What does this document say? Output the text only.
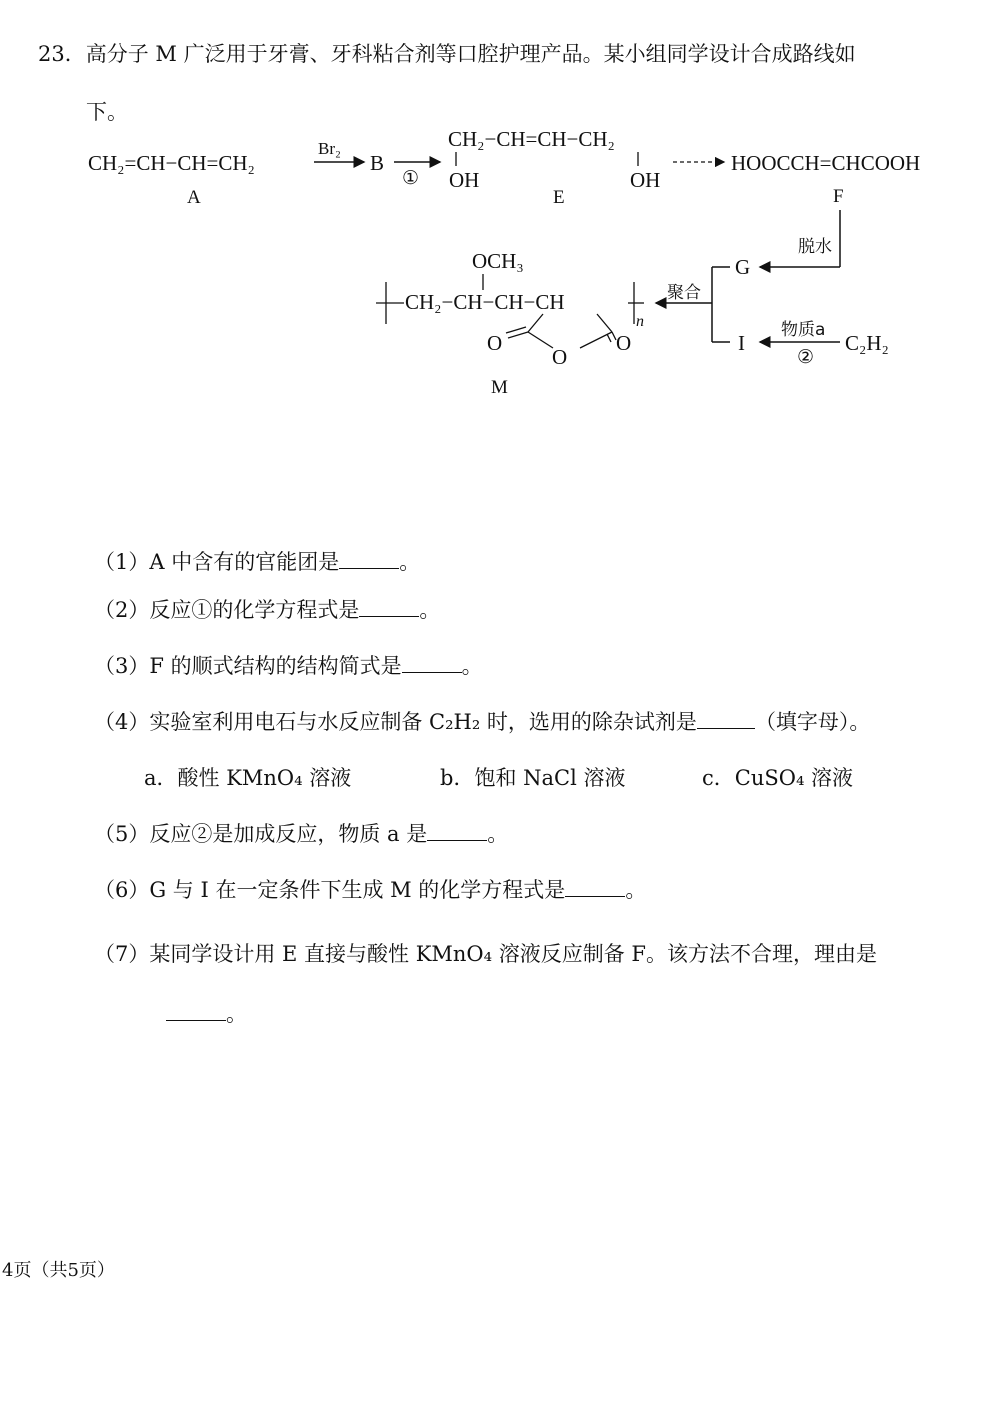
23．高分子 M 广泛用于牙膏、牙科粘合剂等口腔护理产品。某小组同学设计合成路线如
下。
CH₂=CH−CH=CH₂
A
Br₂
B
①
CH₂−CH=CH−CH₂
OH	OH
E
HOOCCH=CHCOOH
F
脱水
G
I
物质a
②
C₂H₂
聚合
CH₂−CH−CH−CH
n
OCH₃
O
O
O
M
（1）A 中含有的官能团是	。
（2）反应①的化学方程式是	。
（3）F 的顺式结构的结构简式是	。
（4）实验室利用电石与水反应制备 C₂H₂ 时，选用的除杂试剂是	（填字母）。
a．酸性 KMnO₄ 溶液	b．饱和 NaCl 溶液	c．CuSO₄ 溶液
（5）反应②是加成反应，物质 a 是	。
（6）G 与 I 在一定条件下生成 M 的化学方程式是	。
（7）某同学设计用 E 直接与酸性 KMnO₄ 溶液反应制备 F。该方法不合理，理由是
。
4页（共5页）
